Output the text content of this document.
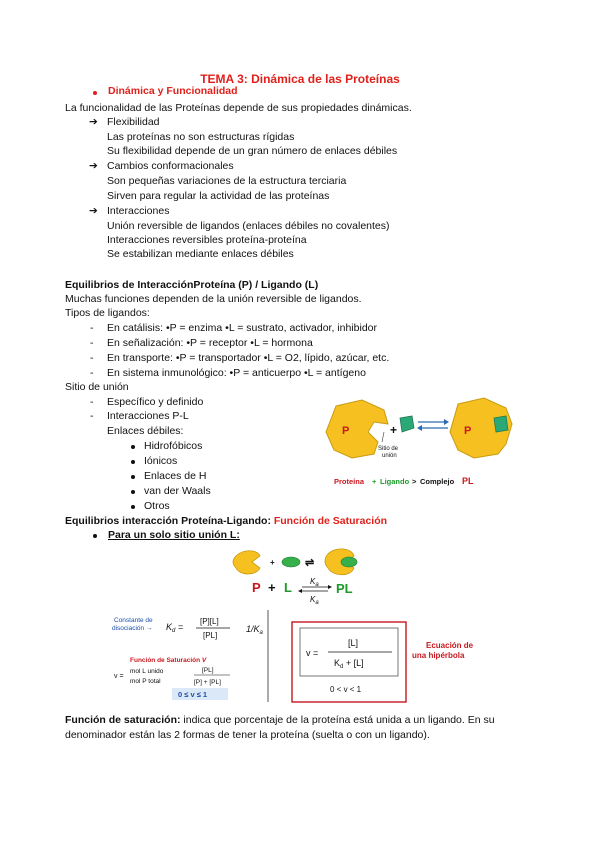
TEMA 3: Dinámica de las Proteínas
Dinámica y Funcionalidad
La funcionalidad de las Proteínas depende de sus propiedades dinámicas.
➔ Flexibilidad
Las proteínas no son estructuras rígidas
Su flexibilidad depende de un gran número de enlaces débiles
➔ Cambios conformacionales
Son pequeñas variaciones de la estructura terciaria
Sirven para regular la actividad de las proteínas
➔ Interacciones
Unión reversible de ligandos (enlaces débiles no covalentes)
Interacciones reversibles proteína-proteína
Se estabilizan mediante enlaces débiles
Equilibrios de InteracciónProteína (P) / Ligando (L)
Muchas funciones dependen de la unión reversible de ligandos.
Tipos de ligandos:
- En catálisis: •P = enzima •L = sustrato, activador, inhibidor
- En señalización: •P = receptor •L = hormona
- En transporte: •P = transportador •L = O2, lípido, azúcar, etc.
- En sistema inmunológico: •P = anticuerpo •L = antígeno
Sitio de unión
- Específico y definido
- Interacciones P-L
Enlaces débiles:
Hidrofóbicos
Iónicos
Enlaces de H
van der Waals
Otros
P	+
Sitio de
unión
P
Proteína + Ligando > Complejo PL
Equilibrios interacción Proteína-Ligando: Función de Saturación
Para un solo sitio unión L:
+	⇌
P + L $K_a$
$K_a$
PL
Constante de
disociación → $K_d$ =
[P][L]
[PL]
$1/K_a$
Función de Saturación V
v =
mol L unido
mol P total
[PL]
[P] + [PL]
0 ≤ v ≤ 1
v =
[L]
$K_d + [L]$
0 < v < 1
Ecuación de
una hipérbola
Función de saturación: indica que porcentaje de la proteína está unida a un ligando. En su
denominador están las 2 formas de tener la proteína (suelta o con un ligando).
